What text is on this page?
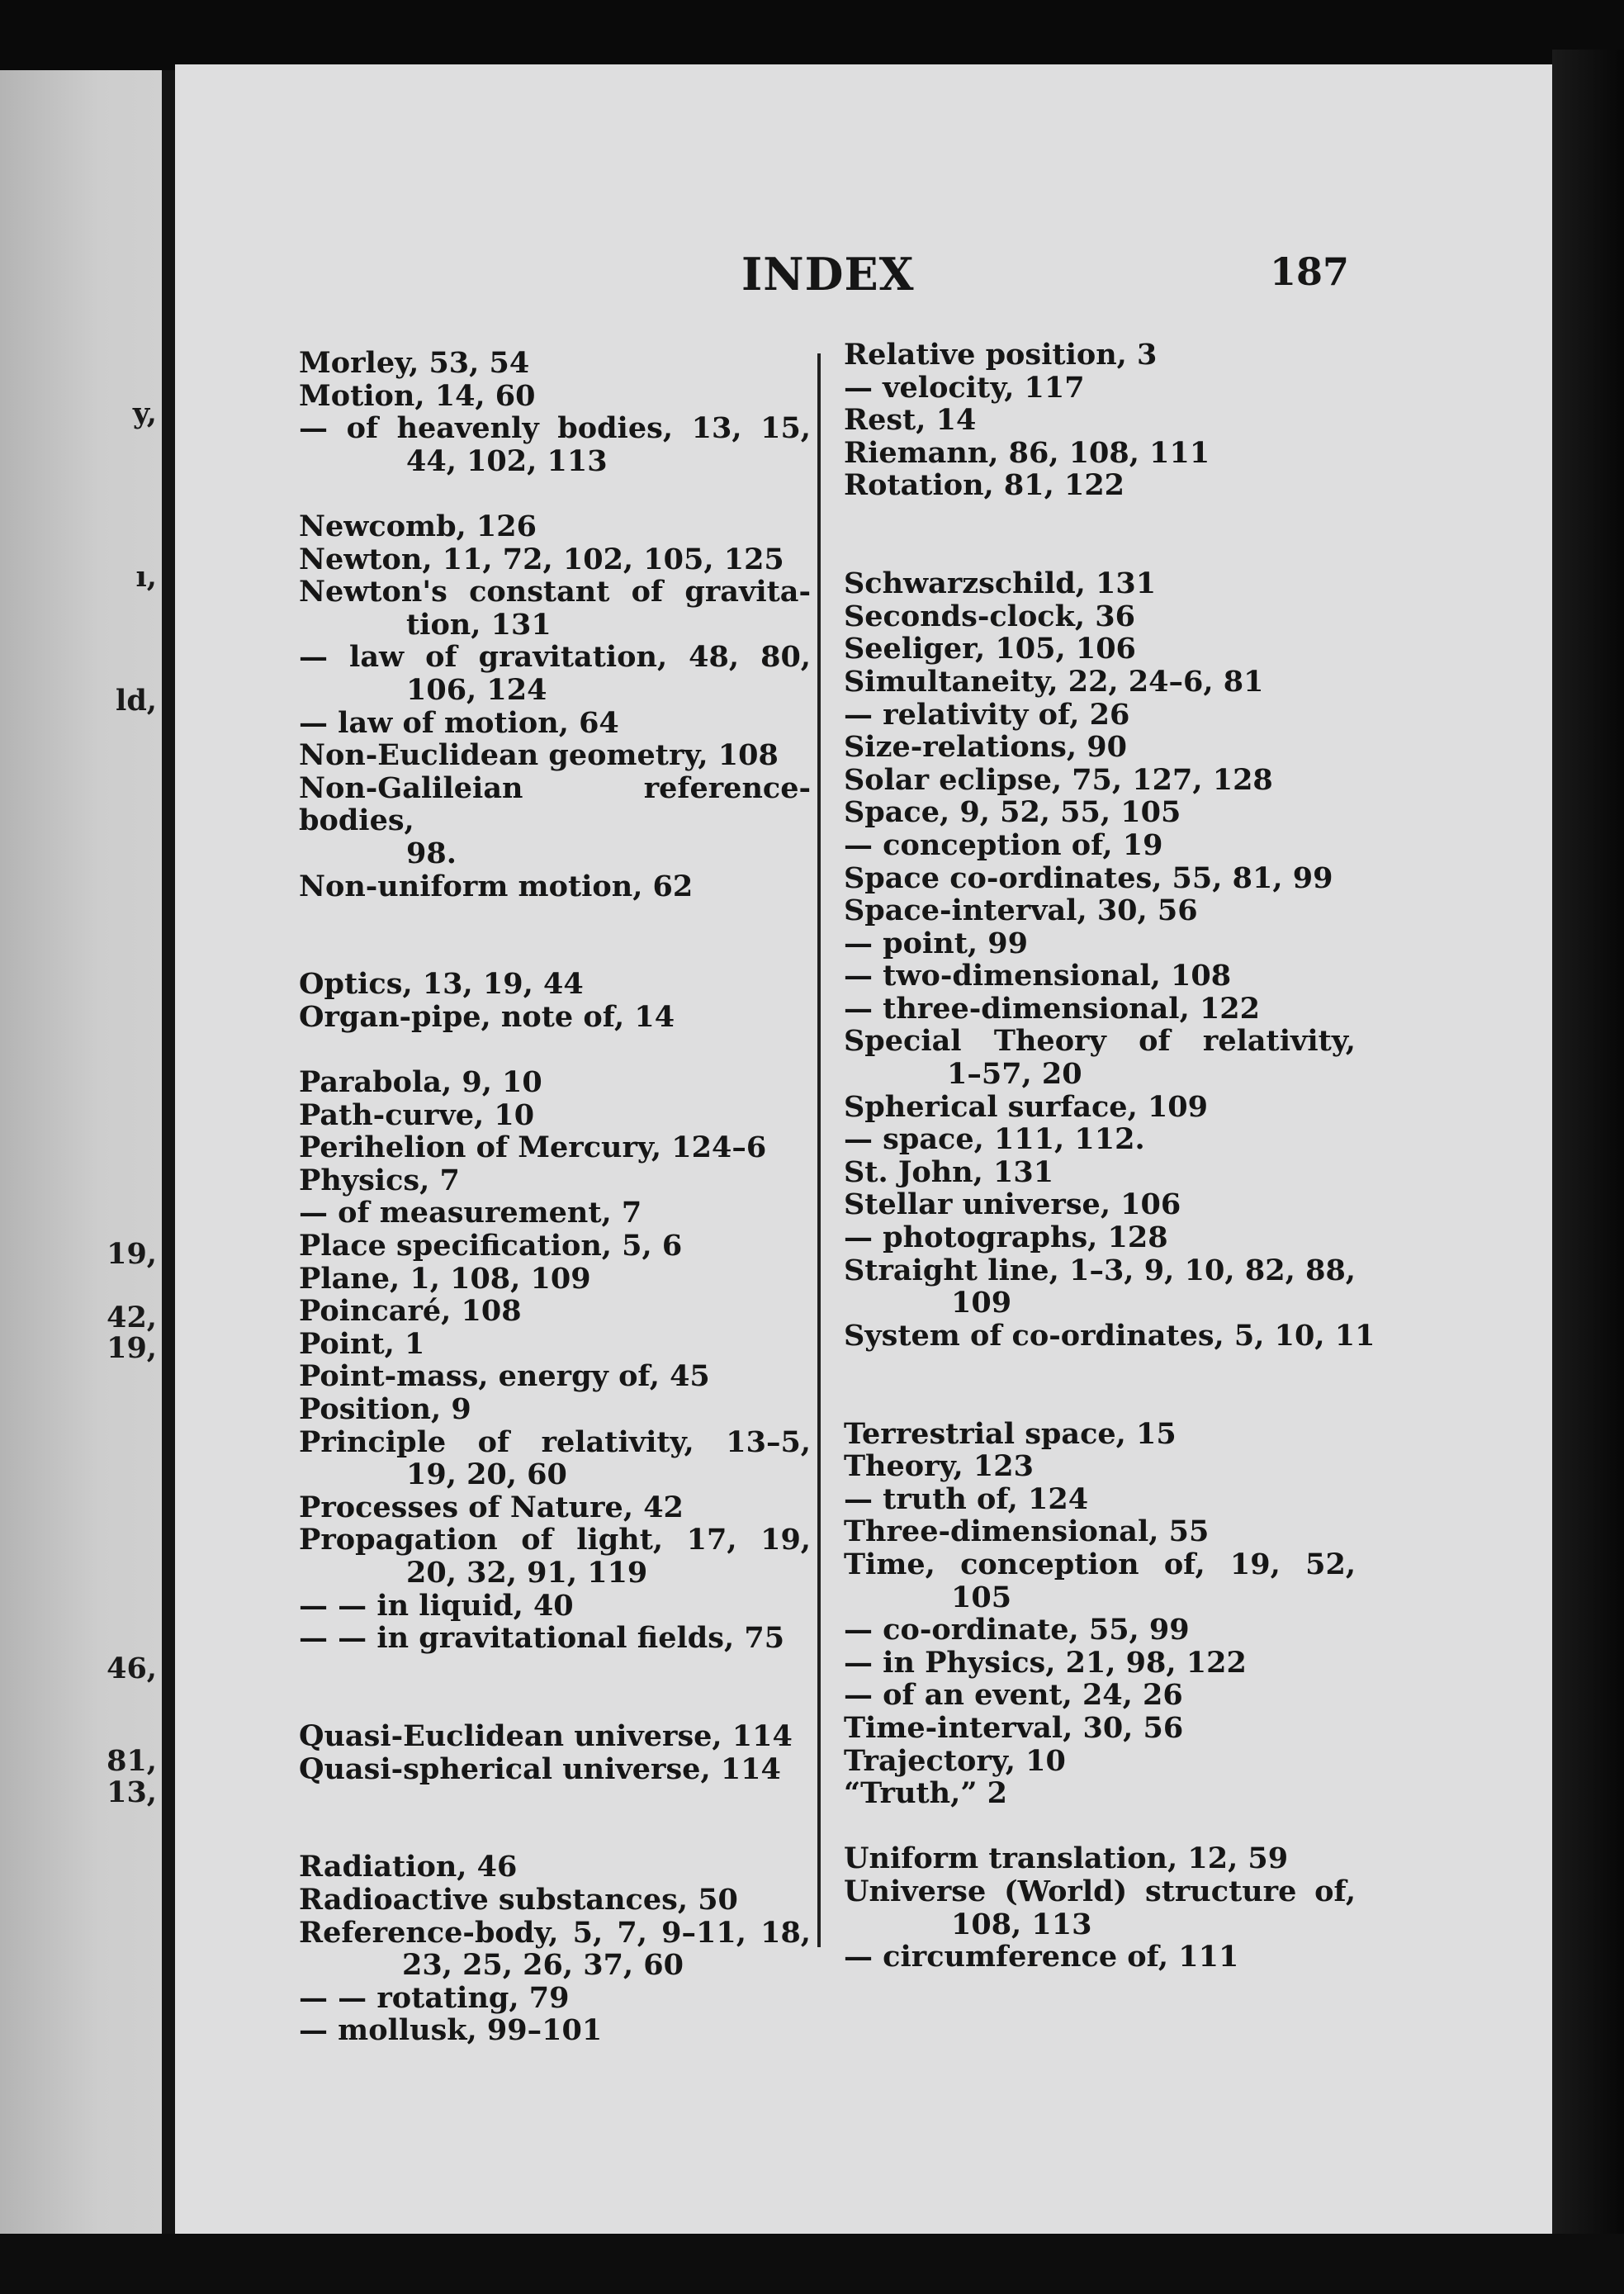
y,
ı,
ld,
19,
42,
19,
46,
81,
13,
INDEX	187
Morley, 53, 54
Motion, 14, 60
— of heavenly bodies, 13, 15,
44, 102, 113
Newcomb, 126
Newton, 11, 72, 102, 105, 125
Newton's constant of gravita-
tion, 131
— law of gravitation, 48, 80,
106, 124
— law of motion, 64
Non-Euclidean geometry, 108
Non-Galileian reference-bodies,
98.
Non-uniform motion, 62
Optics, 13, 19, 44
Organ-pipe, note of, 14
Parabola, 9, 10
Path-curve, 10
Perihelion of Mercury, 124–6
Physics, 7
— of measurement, 7
Place specification, 5, 6
Plane, 1, 108, 109
Poincaré, 108
Point, 1
Point-mass, energy of, 45
Position, 9
Principle of relativity, 13–5,
19, 20, 60
Processes of Nature, 42
Propagation of light, 17, 19,
20, 32, 91, 119
— — in liquid, 40
— — in gravitational fields, 75
Quasi-Euclidean universe, 114
Quasi-spherical universe, 114
Radiation, 46
Radioactive substances, 50
Reference-body, 5, 7, 9–11, 18,
23, 25, 26, 37, 60
— — rotating, 79
— mollusk, 99–101
Relative position, 3
— velocity, 117
Rest, 14
Riemann, 86, 108, 111
Rotation, 81, 122
Schwarzschild, 131
Seconds-clock, 36
Seeliger, 105, 106
Simultaneity, 22, 24–6, 81
— relativity of, 26
Size-relations, 90
Solar eclipse, 75, 127, 128
Space, 9, 52, 55, 105
— conception of, 19
Space co-ordinates, 55, 81, 99
Space-interval, 30, 56
— point, 99
— two-dimensional, 108
— three-dimensional, 122
Special Theory of relativity,
1–57, 20
Spherical surface, 109
— space, 111, 112.
St. John, 131
Stellar universe, 106
— photographs, 128
Straight line, 1–3, 9, 10, 82, 88,
109
System of co-ordinates, 5, 10, 11
Terrestrial space, 15
Theory, 123
— truth of, 124
Three-dimensional, 55
Time, conception of, 19, 52,
105
— co-ordinate, 55, 99
— in Physics, 21, 98, 122
— of an event, 24, 26
Time-interval, 30, 56
Trajectory, 10
“Truth,” 2
Uniform translation, 12, 59
Universe (World) structure of,
108, 113
— circumference of, 111
